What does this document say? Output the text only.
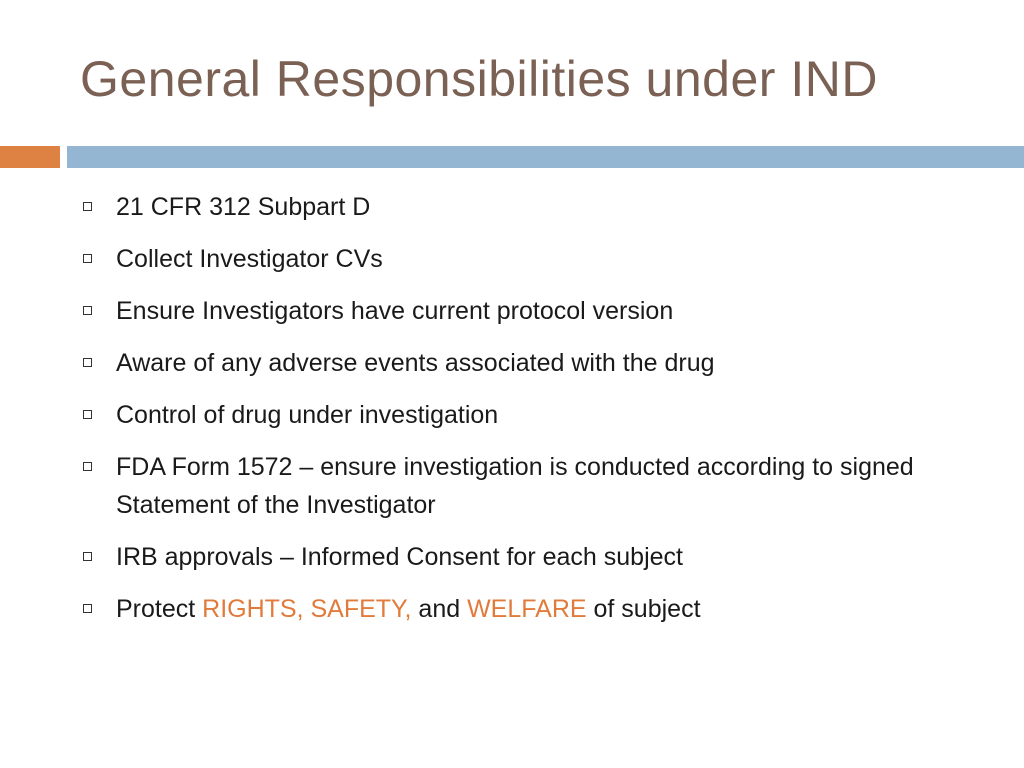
General Responsibilities under IND
21 CFR 312 Subpart D
Collect Investigator CVs
Ensure Investigators have current protocol version
Aware of any adverse events associated with the drug
Control of drug under investigation
FDA Form 1572 – ensure investigation is conducted according to signed Statement of the Investigator
IRB approvals – Informed Consent for each subject
Protect RIGHTS, SAFETY, and WELFARE of subject
